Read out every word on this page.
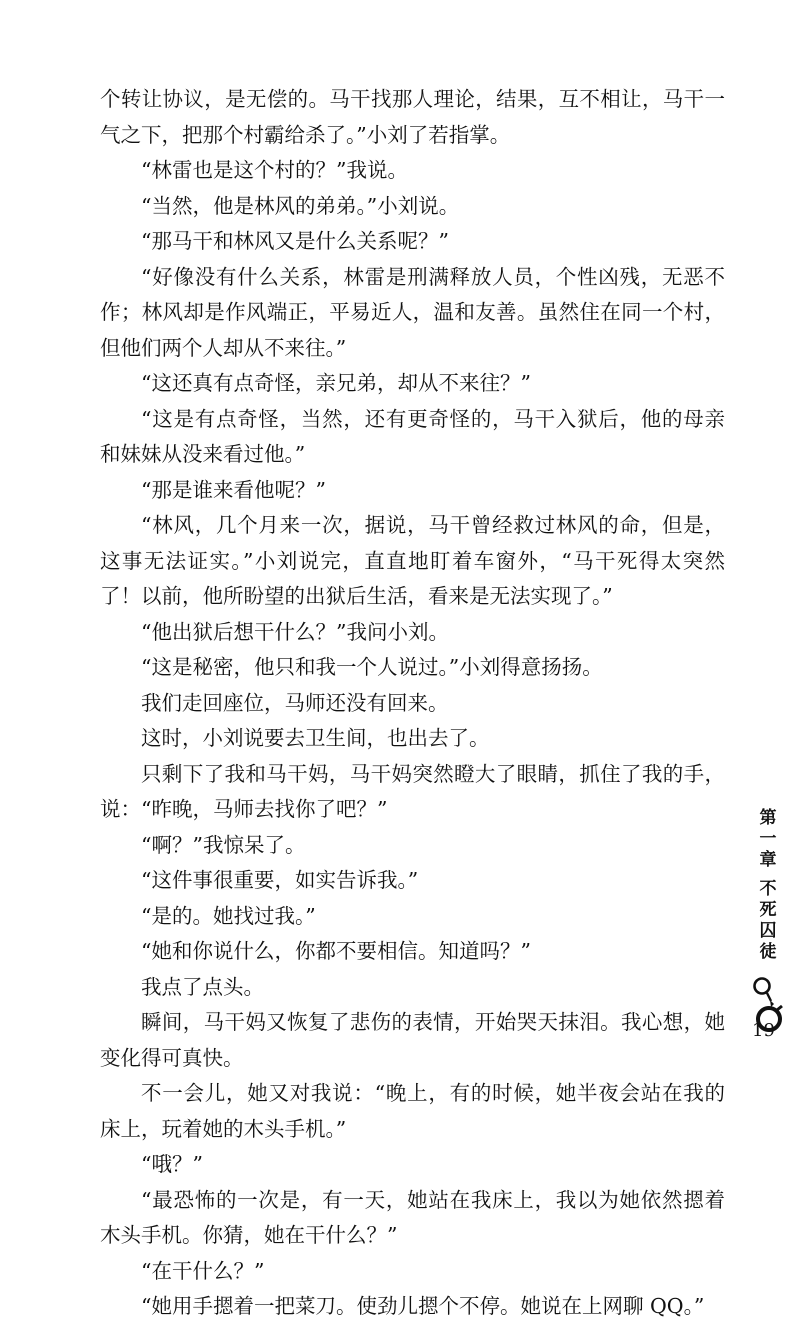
个转让协议，是无偿的。马干找那人理论，结果，互不相让，马干一气之下，把那个村霸给杀了。”小刘了若指掌。

“林雷也是这个村的？”我说。

“当然，他是林风的弟弟。”小刘说。

“那马干和林风又是什么关系呢？”

“好像没有什么关系，林雷是刑满释放人员，个性凶残，无恶不作；林风却是作风端正，平易近人，温和友善。虽然住在同一个村，但他们两个人却从不来往。”

“这还真有点奇怪，亲兄弟，却从不来往？”

“这是有点奇怪，当然，还有更奇怪的，马干入狱后，他的母亲和妹妹从没来看过他。”

“那是谁来看他呢？”

“林风，几个月来一次，据说，马干曾经救过林风的命，但是，这事无法证实。”小刘说完，直直地盯着车窗外，“马干死得太突然了！以前，他所盼望的出狱后生活，看来是无法实现了。”

“他出狱后想干什么？”我问小刘。

“这是秘密，他只和我一个人说过。”小刘得意扬扬。

我们走回座位，马师还没有回来。

这时，小刘说要去卫生间，也出去了。

只剩下了我和马干妈，马干妈突然瞪大了眼睛，抓住了我的手，说：“昨晚，马师去找你了吧？”

“啊？”我惊呆了。

“这件事很重要，如实告诉我。”

“是的。她找过我。”

“她和你说什么，你都不要相信。知道吗？”

我点了点头。

瞬间，马干妈又恢复了悲伤的表情，开始哭天抹泪。我心想，她变化得可真快。

不一会儿，她又对我说：“晚上，有的时候，她半夜会站在我的床上，玩着她的木头手机。”

“哦？”

“最恐怖的一次是，有一天，她站在我床上，我以为她依然摁着木头手机。你猜，她在干什么？”

“在干什么？”

“她用手摁着一把菜刀。使劲儿摁个不停。她说在上网聊 QQ。”

第
一
章
不
死
囚
徒
19
